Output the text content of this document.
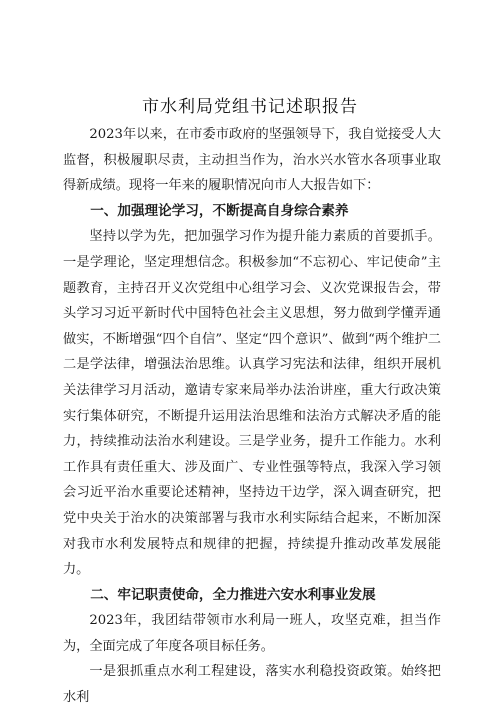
市水利局党组书记述职报告

2023年以来，在市委市政府的坚强领导下，我自觉接受人大监督，积极履职尽责，主动担当作为，治水兴水管水各项事业取得新成绩。现将一年来的履职情况向市人大报告如下：

一、加强理论学习，不断提高自身综合素养

坚持以学为先，把加强学习作为提升能力素质的首要抓手。一是学理论，坚定理想信念。积极参加“不忘初心、牢记使命”主题教育，主持召开义次党组中心组学习会、义次党课报告会，带头学习习近平新时代中国特色社会主义思想，努力做到学懂弄通做实，不断增强“四个自信”、坚定“四个意识”、做到“两个维护二二是学法律，增强法治思维。认真学习宪法和法律，组织开展机关法律学习月活动，邀请专家来局举办法治讲座，重大行政决策实行集体研究，不断提升运用法治思维和法治方式解决矛盾的能力，持续推动法治水利建设。三是学业务，提升工作能力。水利工作具有责任重大、涉及面广、专业性强等特点，我深入学习领会习近平治水重要论述精神，坚持边干边学，深入调查研究，把党中央关于治水的决策部署与我市水利实际结合起来，不断加深对我市水利发展特点和规律的把握，持续提升推动改革发展能力。

二、牢记职责使命，全力推进六安水利事业发展

2023年，我团结带领市水利局一班人，攻坚克难，担当作为，全面完成了年度各项目标任务。

一是狠抓重点水利工程建设，落实水利稳投资政策。始终把水利
